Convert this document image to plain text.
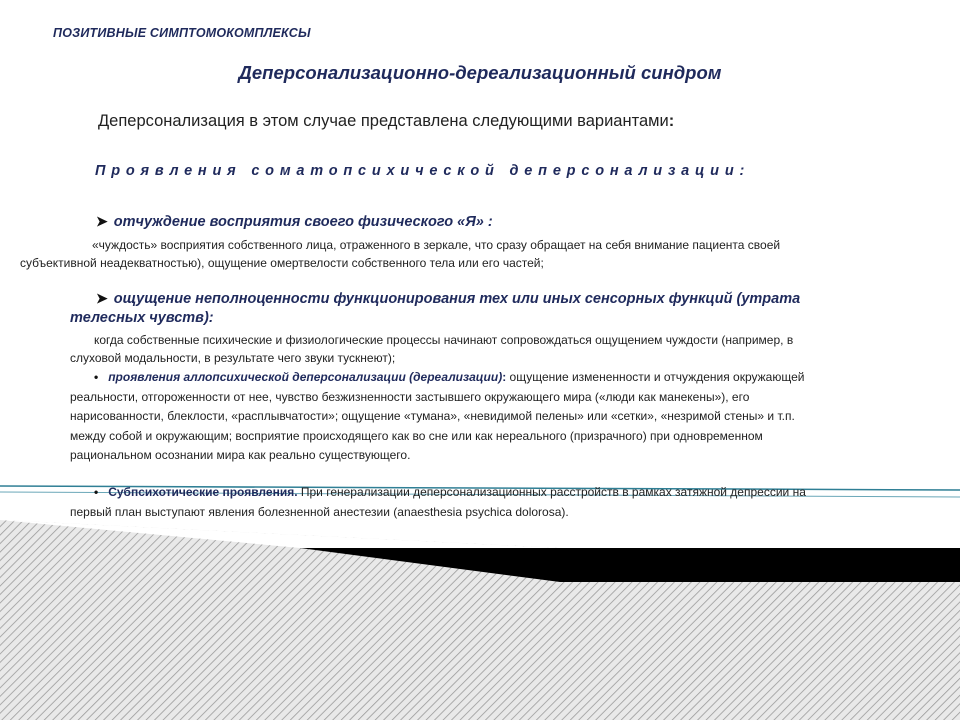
ПОЗИТИВНЫЕ СИМПТОМОКОМПЛЕКСЫ
Деперсонализационно-дереализационный синдром
Деперсонализация в этом случае представлена следующими вариантами:
Проявления соматопсихической деперсонализации:
➤ отчуждение восприятия своего физического «Я» :
«чуждость» восприятия собственного лица, отраженного в зеркале, что сразу обращает на себя внимание пациента своей
субъективной неадекватностью), ощущение омертвелости собственного тела или его частей;
➤ ощущение неполноценности функционирования тех или иных сенсорных функций (утрата
телесных чувств):
когда собственные психические и физиологические процессы начинают сопровождаться ощущением чуждости (например, в
слуховой модальности, в результате чего звуки тускнеют);
• проявления аллопсихической деперсонализации (дереализации): ощущение измененности и отчуждения окружающей
реальности, отгороженности от нее, чувство безжизненности застывшего окружающего мира («люди как манекены»), его
нарисованности, блеклости, «расплывчатости»; ощущение «тумана», «невидимой пелены» или «сетки», «незримой стены» и т.п.
между собой и окружающим; восприятие происходящего как во сне или как нереального (призрачного) при одновременном
рациональном осознании мира как реально существующего.
• Субпсихотические проявления. При генерализации деперсонализационных расстройств в рамках затяжной депрессии на
первый план выступают явления болезненной анестезии (anaesthesia psychica dolorosa).
